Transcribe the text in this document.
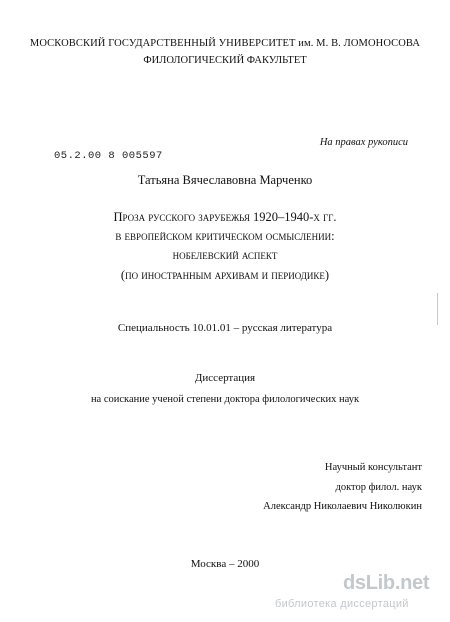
МОСКОВСКИЙ ГОСУДАРСТВЕННЫЙ УНИВЕРСИТЕТ им. М. В. ЛОМОНОСОВА
ФИЛОЛОГИЧЕСКИЙ ФАКУЛЬТЕТ
На правах рукописи
05.2.00 8 005597
Татьяна Вячеславовна Марченко
Проза русского зарубежья 1920–1940-х гг.
в европейском критическом осмыслении:
нобелевский аспект
(по иностранным архивам и периодике)
Специальность 10.01.01 – русская литература
Диссертация
на соискание ученой степени доктора филологических наук
Научный консультант
доктор филол. наук
Александр Николаевич Николюкин
Москва – 2000
dsLib.net
библиотека диссертаций
